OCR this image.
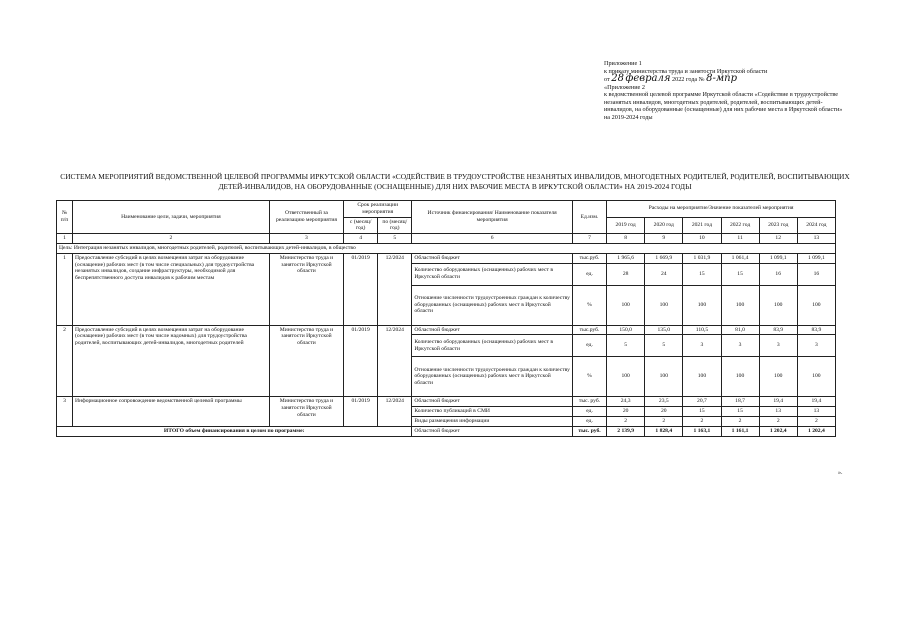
Приложение 1
к приказу министерства труда и занятости Иркутской области
от 28 февраля 2022 года № 8-мпр
«Приложение 2
к ведомственной целевой программе Иркутской области «Содействие в трудоустройстве незанятых инвалидов, многодетных родителей, родителей, воспитывающих детей-инвалидов, на оборудованные (оснащенные) для них рабочие места в Иркутской области» на 2019-2024 годы
СИСТЕМА МЕРОПРИЯТИЙ ВЕДОМСТВЕННОЙ ЦЕЛЕВОЙ ПРОГРАММЫ ИРКУТСКОЙ ОБЛАСТИ «СОДЕЙСТВИЕ В ТРУДОУСТРОЙСТВЕ НЕЗАНЯТЫХ ИНВАЛИДОВ, МНОГОДЕТНЫХ РОДИТЕЛЕЙ, РОДИТЕЛЕЙ, ВОСПИТЫВАЮЩИХ ДЕТЕЙ-ИНВАЛИДОВ, НА ОБОРУДОВАННЫЕ (ОСНАЩЕННЫЕ) ДЛЯ НИХ РАБОЧИЕ МЕСТА В ИРКУТСКОЙ ОБЛАСТИ» НА 2019-2024 ГОДЫ
№ п/п	Наименование цели, задачи, мероприятия	Ответственный за реализацию мероприятия	Срок реализации мероприятия		Источник финансирования/ Наименование показателя мероприятия	Ед.изм.	Расходы на мероприятие/Значение показателей мероприятия					
			с (месяц/ год)	по (месяц/ год)			2019 год	2020 год	2021 год	2022 год	2023 год	2024 год
1	2	3	4	5	6	7	8	9	10	11	12	13
Цель: Интеграция незанятых инвалидов, многодетных родителей, родителей, воспитывающих детей-инвалидов, в общество												
1	Предоставление субсидий в целях возмещения затрат на оборудование (оснащение) рабочих мест (в том числе специальных) для трудоустройства незанятых инвалидов, создание инфраструктуры, необходимой для беспрепятственного доступа инвалидов к рабочим местам	Министерство труда и занятости Иркутской области	01/2019	12/2024	Областной бюджет	тыс.руб.	1 965,6	1 669,9	1 031,9	1 061,4	1 099,1	1 099,1
					Количество оборудованных (оснащенных) рабочих мест в Иркутской области	ед.	28	24	15	15	16	16
					Отношение численности трудоустроенных граждан к количеству оборудованных (оснащенных) рабочих мест в Иркутской области	%	100	100	100	100	100	100
2	Предоставление субсидий в целях возмещения затрат на оборудование (оснащение) рабочих мест (в том числе надомных) для трудоустройства родителей, воспитывающих детей-инвалидов, многодетных родителей	Министерство труда и занятости Иркутской области	01/2019	12/2024	Областной бюджет	тыс.руб.	150,0	135,0	110,5	81,0	83,9	83,9
					Количество оборудованных (оснащенных) рабочих мест в Иркутской области	ед.	5	5	3	3	3	3
					Отношение численности трудоустроенных граждан к количеству оборудованных (оснащенных) рабочих мест в Иркутской области	%	100	100	100	100	100	100
3	Информационное сопровождение ведомственной целевой программы	Министерство труда и занятости Иркутской области	01/2019	12/2024	Областной бюджет	тыс. руб.	24,3	23,5	20,7	18,7	19,4	19,4
					Количество публикаций в СМИ	ед.	20	20	15	15	13	13
					Виды размещения информации	ед.	2	2	2	2	2	2
ИТОГО объем финансирования в целом по программе:					Областной бюджет	тыс. руб.	2 139,9	1 828,4	1 163,1	1 161,1	1 202,4	1 202,4
».
